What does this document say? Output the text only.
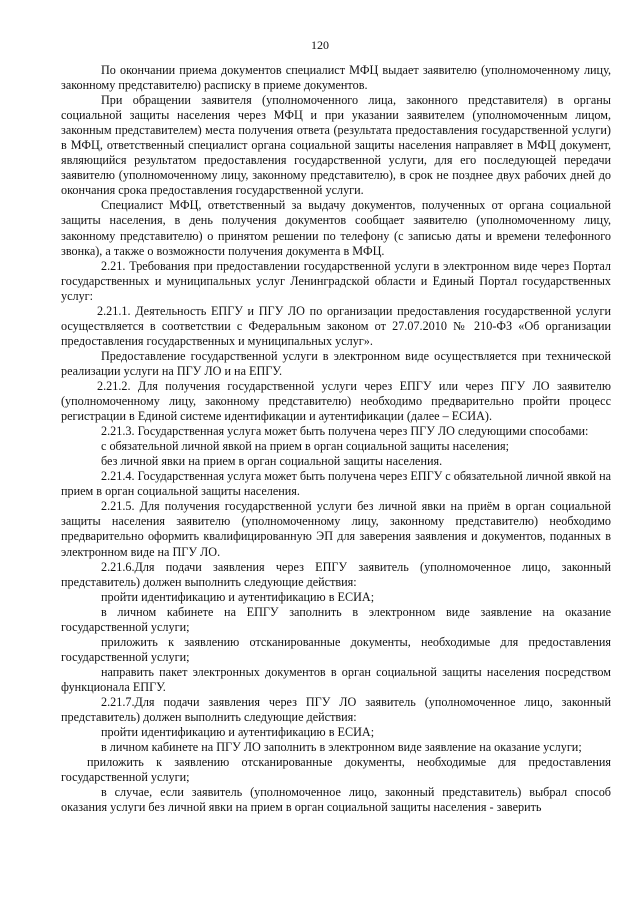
120

По окончании приема документов специалист МФЦ выдает заявителю (уполномоченному лицу, законному представителю) расписку в приеме документов.

При обращении заявителя (уполномоченного лица, законного представителя) в органы социальной защиты населения через МФЦ и при указании заявителем (уполномоченным лицом, законным представителем) места получения ответа (результата предоставления государственной услуги) в МФЦ, ответственный специалист органа социальной защиты населения направляет в МФЦ документ, являющийся результатом предоставления государственной услуги, для его последующей передачи заявителю (уполномоченному лицу, законному представителю), в срок не позднее двух рабочих дней до окончания срока предоставления государственной услуги.

Специалист МФЦ, ответственный за выдачу документов, полученных от органа социальной защиты населения, в день получения документов сообщает заявителю (уполномоченному лицу, законному представителю) о принятом решении по телефону (с записью даты и времени телефонного звонка), а также о возможности получения документа в МФЦ.

2.21. Требования при предоставлении государственной услуги в электронном виде через Портал государственных и муниципальных услуг Ленинградской области и Единый Портал государственных услуг:

2.21.1. Деятельность ЕПГУ и ПГУ ЛО по организации предоставления государственной услуги осуществляется в соответствии с Федеральным законом от 27.07.2010 № 210-ФЗ «Об организации предоставления государственных и муниципальных услуг».

Предоставление государственной услуги в электронном виде осуществляется при технической реализации услуги на ПГУ ЛО и на ЕПГУ.

2.21.2. Для получения государственной услуги через ЕПГУ или через ПГУ ЛО заявителю (уполномоченному лицу, законному представителю) необходимо предварительно пройти процесс регистрации в Единой системе идентификации и аутентификации (далее – ЕСИА).

2.21.3. Государственная услуга может быть получена через ПГУ ЛО следующими способами:

с обязательной личной явкой на прием в орган социальной защиты населения;

без личной явки на прием в орган социальной защиты населения.

2.21.4. Государственная услуга может быть получена через ЕПГУ с обязательной личной явкой на прием в орган социальной защиты населения.

2.21.5. Для получения государственной услуги без личной явки на приём в орган социальной защиты населения заявителю (уполномоченному лицу, законному представителю) необходимо предварительно оформить квалифицированную ЭП для заверения заявления и документов, поданных в электронном виде на ПГУ ЛО.

2.21.6.Для подачи заявления через ЕПГУ заявитель (уполномоченное лицо, законный представитель) должен выполнить следующие действия:

пройти идентификацию и аутентификацию в ЕСИА;

в личном кабинете на ЕПГУ заполнить в электронном виде заявление на оказание государственной услуги;

приложить к заявлению отсканированные документы, необходимые для предоставления государственной услуги;

направить пакет электронных документов в орган социальной защиты населения посредством функционала ЕПГУ.

2.21.7.Для подачи заявления через ПГУ ЛО заявитель (уполномоченное лицо, законный представитель) должен выполнить следующие действия:

пройти идентификацию и аутентификацию в ЕСИА;

в личном кабинете на ПГУ ЛО заполнить в электронном виде заявление на оказание услуги;

приложить к заявлению отсканированные документы, необходимые для предоставления государственной услуги;

в случае, если заявитель (уполномоченное лицо, законный представитель) выбрал способ оказания услуги без личной явки на прием в орган социальной защиты населения - заверить
